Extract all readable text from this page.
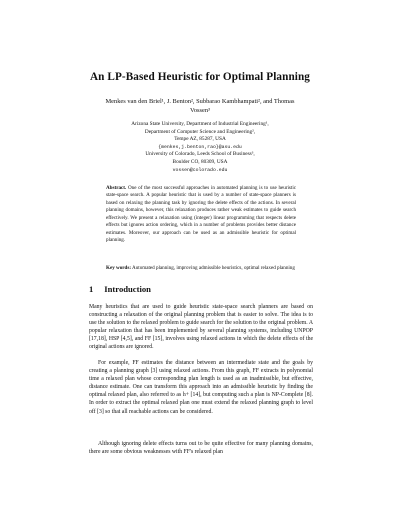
An LP-Based Heuristic for Optimal Planning
Menkes van den Briel¹, J. Benton², Subbarao Kambhampati², and Thomas
Vossen³
Arizona State University, Department of Industrial Engineering¹,
Department of Computer Science and Engineering²,
Tempe AZ, 85287, USA
{menkes,j.benton,rao}@asu.edu
University of Colorado, Leeds School of Business³,
Boulder CO, 80309, USA
vossen@colorado.edu
Abstract. One of the most successful approaches in automated planning is to use heuristic state-space search. A popular heuristic that is used by a number of state-space planners is based on relaxing the planning task by ignoring the delete effects of the actions. In several planning domains, however, this relaxation produces rather weak estimates to guide search effectively. We present a relaxation using (integer) linear programming that respects delete effects but ignores action ordering, which in a number of problems provides better distance estimates. Moreover, our approach can be used as an admissible heuristic for optimal planning.
Key words: Automated planning, improving admissible heuristics, optimal relaxed planning
1 Introduction
Many heuristics that are used to guide heuristic state-space search planners are based on constructing a relaxation of the original planning problem that is easier to solve. The idea is to use the solution to the relaxed problem to guide search for the solution to the original problem. A popular relaxation that has been implemented by several planning systems, including UNPOP [17,18], HSP [4,5], and FF [15], involves using relaxed actions in which the delete effects of the original actions are ignored.
For example, FF estimates the distance between an intermediate state and the goals by creating a planning graph [3] using relaxed actions. From this graph, FF extracts in polynomial time a relaxed plan whose corresponding plan length is used as an inadmissible, but effective, distance estimate. One can transform this approach into an admissible heuristic by finding the optimal relaxed plan, also referred to as h+ [14], but computing such a plan is NP-Complete [8]. In order to extract the optimal relaxed plan one must extend the relaxed planning graph to level off [3] so that all reachable actions can be considered.
Although ignoring delete effects turns out to be quite effective for many planning domains, there are some obvious weaknesses with FF's relaxed plan
